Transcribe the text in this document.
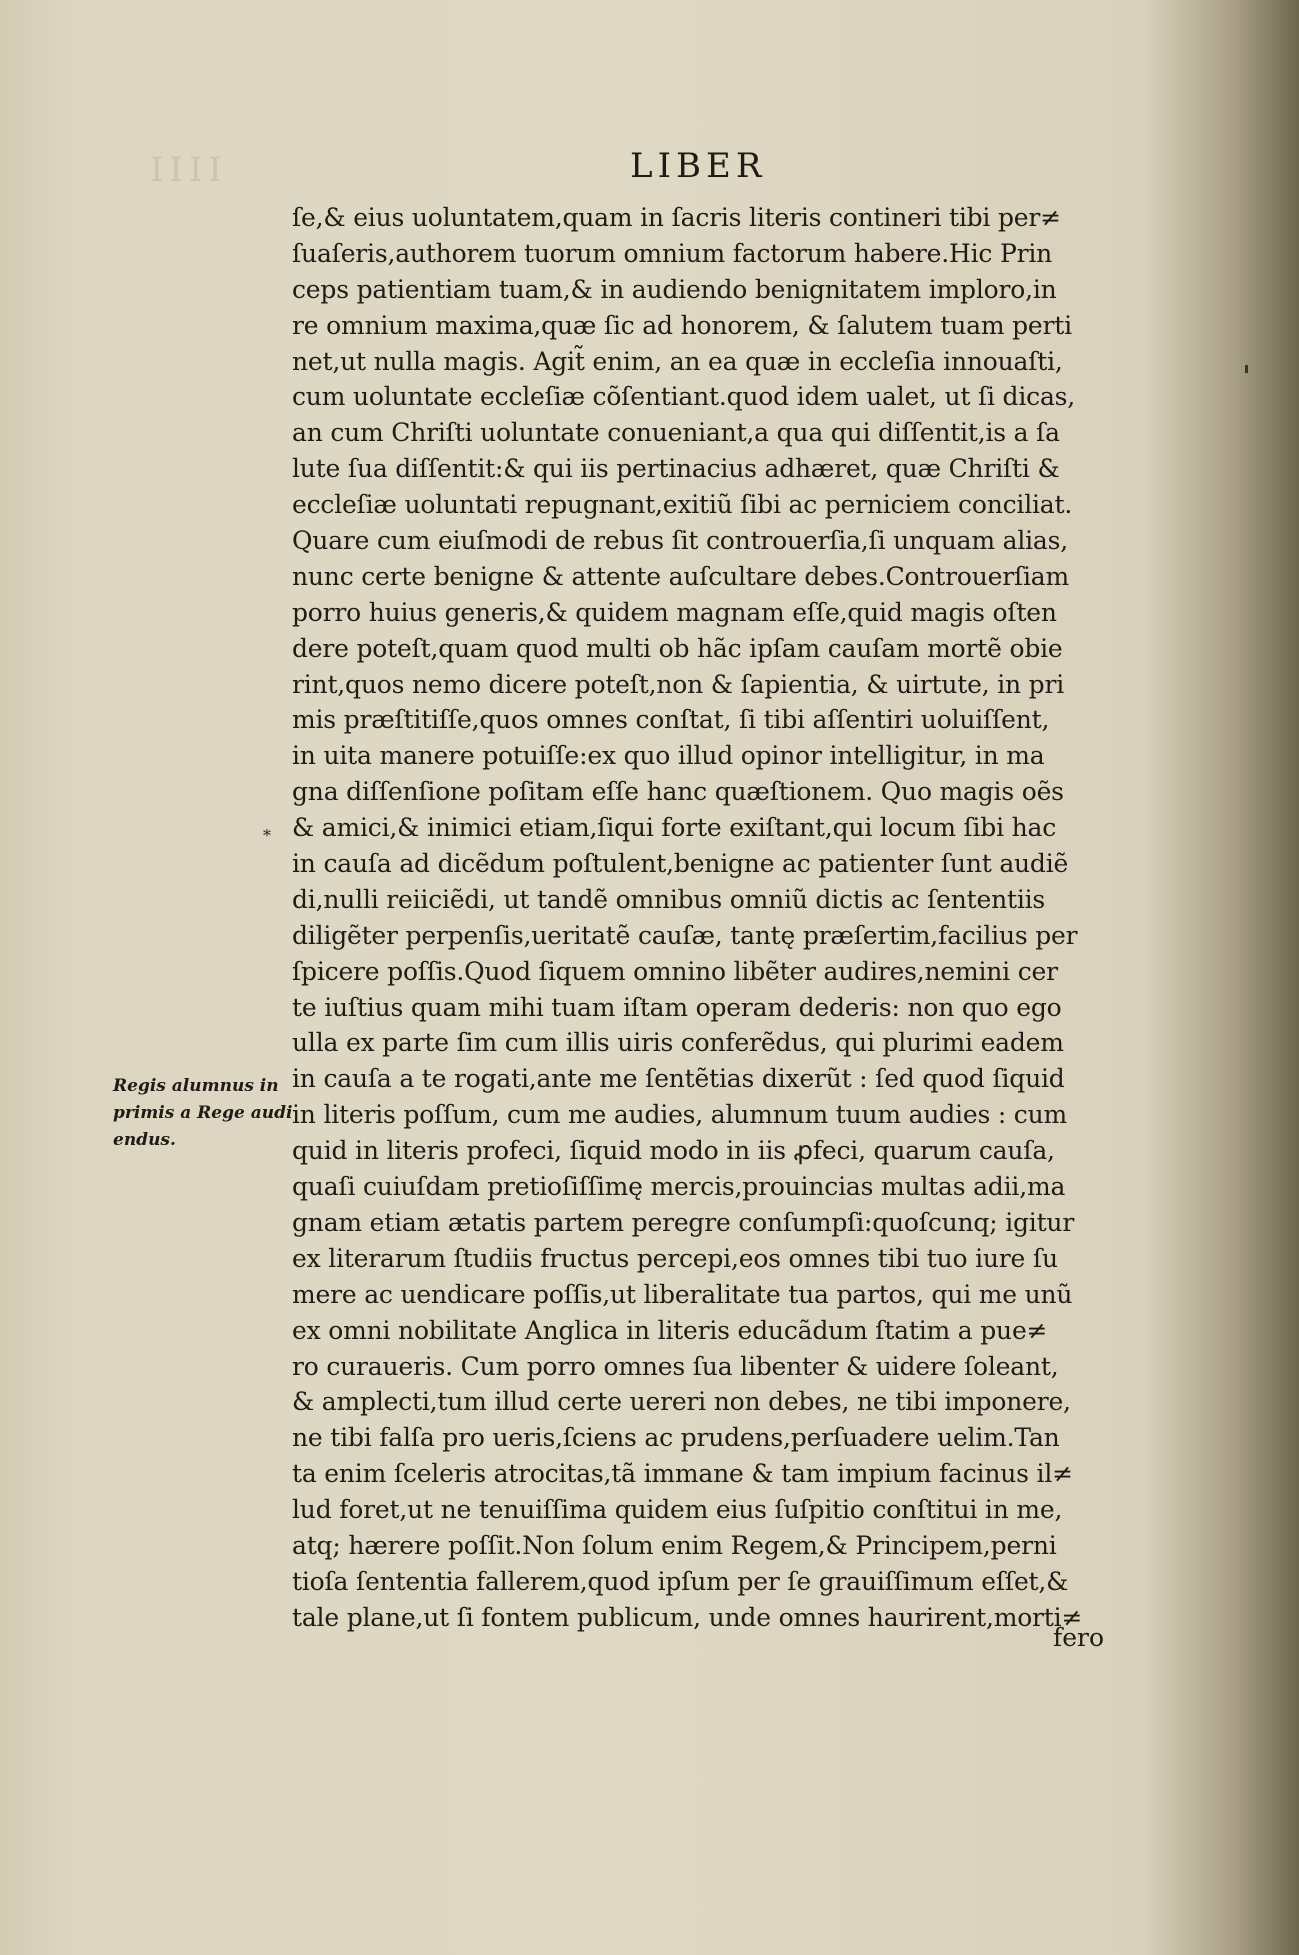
IIII	LIBER
ſe,& eius uoluntatem,quam in ſacris literis contineri tibi per≠
ſuaſeris,authorem tuorum omnium factorum habere.Hic Prin
ceps patientiam tuam,& in audiendo benignitatem imploro,in
re omnium maxima,quæ ſic ad honorem, & ſalutem tuam perti
net,ut nulla magis. Agit̃ enim, an ea quæ in eccleſia innouaſti,
cum uoluntate eccleſiæ cõſentiant.quod idem ualet, ut ſi dicas,
an cum Chriſti uoluntate conueniant,a qua qui diſſentit,is a ſa
lute ſua diſſentit:& qui iis pertinacius adhæret, quæ Chriſti &
eccleſiæ uoluntati repugnant,exitiũ ſibi ac perniciem conciliat.
Quare cum eiuſmodi de rebus ſit controuerſia,ſi unquam alias,
nunc certe benigne & attente auſcultare debes.Controuerſiam
porro huius generis,& quidem magnam eſſe,quid magis oſten
dere poteſt,quam quod multi ob hãc ipſam cauſam mortẽ obie
rint,quos nemo dicere poteſt,non & ſapientia, & uirtute, in pri
mis præſtitiſſe,quos omnes conſtat, ſi tibi aſſentiri uoluiſſent,
in uita manere potuiſſe:ex quo illud opinor intelligitur, in ma
gna diſſenſione poſitam eſſe hanc quæſtionem. Quo magis oẽs
& amici,& inimici etiam,ſiqui forte exiſtant,qui locum ſibi hac
in cauſa ad dicẽdum poſtulent,benigne ac patienter ſunt audiẽ
di,nulli reiiciẽdi, ut tandẽ omnibus omniũ dictis ac ſententiis
diligẽter perpenſis,ueritatẽ cauſæ, tantę præſertim,facilius per
ſpicere poſſis.Quod ſiquem omnino libẽter audires,nemini cer
te iuſtius quam mihi tuam iſtam operam dederis: non quo ego
ulla ex parte ſim cum illis uiris conferẽdus, qui plurimi eadem
in cauſa a te rogati,ante me ſentẽtias dixerũt : ſed quod ſiquid
in literis poſſum, cum me audies, alumnum tuum audies : cum
quid in literis profeci, ſiquid modo in iis ꝓfeci, quarum cauſa,
quaſi cuiuſdam pretioſiſſimę mercis,prouincias multas adii,ma
gnam etiam ætatis partem peregre conſumpſi:quoſcunq; igitur
ex literarum ſtudiis fructus percepi,eos omnes tibi tuo iure ſu
mere ac uendicare poſſis,ut liberalitate tua partos, qui me unũ
ex omni nobilitate Anglica in literis educãdum ſtatim a pue≠
ro curaueris. Cum porro omnes ſua libenter & uidere ſoleant,
& amplecti,tum illud certe uereri non debes, ne tibi imponere,
ne tibi falſa pro ueris,ſciens ac prudens,perſuadere uelim.Tan
ta enim ſceleris atrocitas,tã immane & tam impium facinus il≠
lud foret,ut ne tenuiſſima quidem eius ſuſpitio conſtitui in me,
atq; hærere poſſit.Non ſolum enim Regem,& Principem,perni
tioſa ſententia fallerem,quod ipſum per ſe grauiſſimum eſſet,&
tale plane,ut ſi fontem publicum, unde omnes haurirent,morti≠
fero
Regis alumnus in
primis a Rege audi
endus.
*
